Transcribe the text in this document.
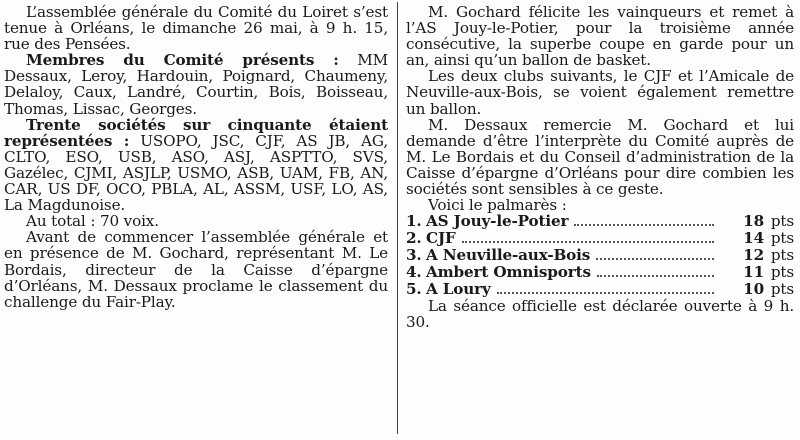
L’assemblée générale du Comité du Loiret s’est tenue à Orléans, le dimanche 26 mai, à 9 h. 15, rue des Pensées.

Membres du Comité présents : MM Dessaux, Leroy, Hardouin, Poignard, Chaumeny, Delaloy, Caux, Landré, Courtin, Bois, Boisseau, Thomas, Lissac, Georges.

Trente sociétés sur cinquante étaient représentées : USOPO, JSC, CJF, AS JB, AG, CLTO, ESO, USB, ASO, ASJ, ASPTTO, SVS, Gazélec, CJMI, ASJLP, USMO, ASB, UAM, FB, AN, CAR, US DF, OCO, PBLA, AL, ASSM, USF, LO, AS, La Magdunoise.

Au total : 70 voix.

Avant de commencer l’assemblée générale et en présence de M. Gochard, représentant M. Le Bordais, directeur de la Caisse d’épargne d’Orléans, M. Dessaux proclame le classement du challenge du Fair-Play.

M. Gochard félicite les vainqueurs et remet à l’AS Jouy-le-Potier, pour la troisième année consécutive, la superbe coupe en garde pour un an, ainsi qu’un ballon de basket.

Les deux clubs suivants, le CJF et l’Amicale de Neuville-aux-Bois, se voient également remettre un ballon.

M. Dessaux remercie M. Gochard et lui demande d’être l’interprète du Comité auprès de M. Le Bordais et du Conseil d’administration de la Caisse d’épargne d’Orléans pour dire combien les sociétés sont sensibles à ce geste.

Voici le palmarès :

1. AS Jouy-le-Potier	18 pts
2. CJF	14 pts
3. A Neuville-aux-Bois	12 pts
4. Ambert Omnisports	11 pts
5. A Loury	10 pts

La séance officielle est déclarée ouverte à 9 h. 30.
